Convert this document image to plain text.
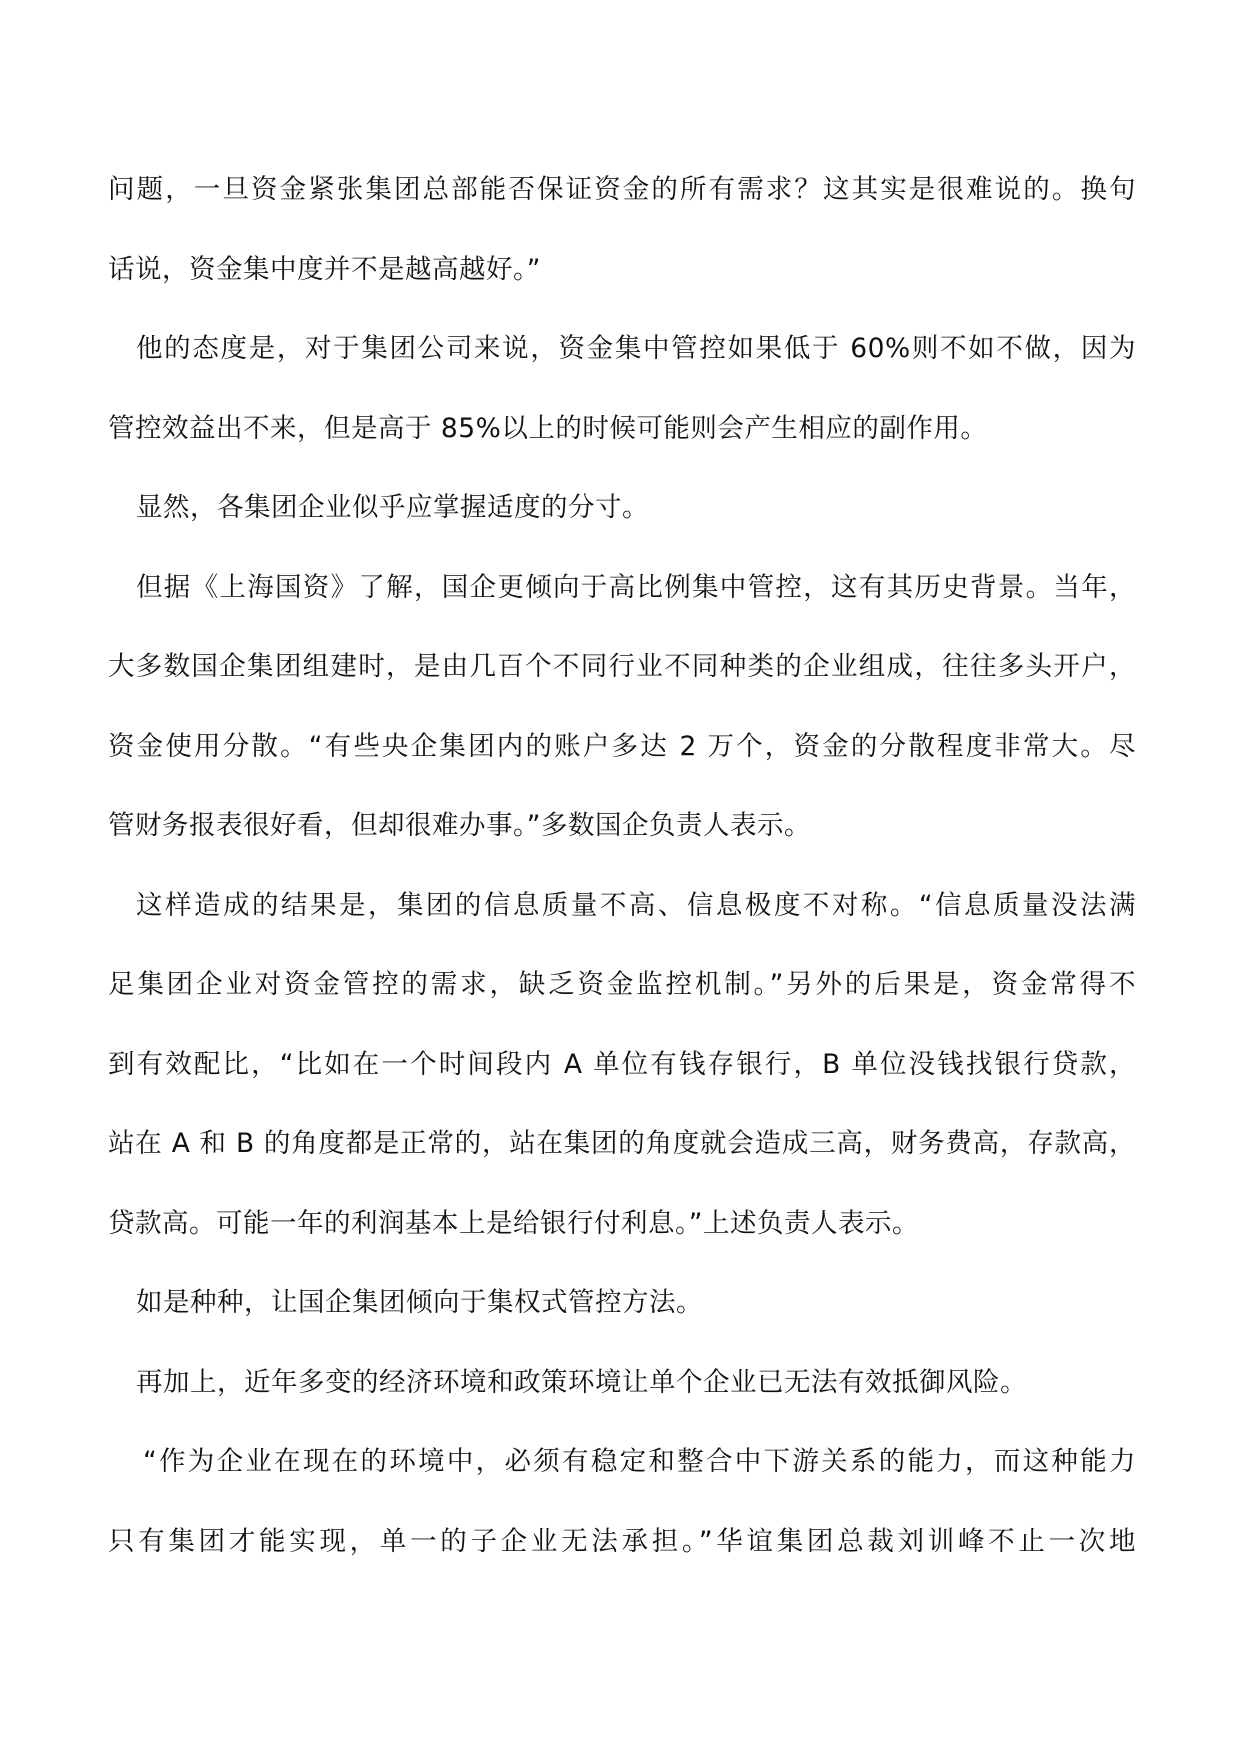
问题，一旦资金紧张集团总部能否保证资金的所有需求？这其实是很难说的。换句
话说，资金集中度并不是越高越好。”
他的态度是，对于集团公司来说，资金集中管控如果低于 60%则不如不做，因为
管控效益出不来，但是高于 85%以上的时候可能则会产生相应的副作用。
显然，各集团企业似乎应掌握适度的分寸。
但据《上海国资》了解，国企更倾向于高比例集中管控，这有其历史背景。当年，
大多数国企集团组建时，是由几百个不同行业不同种类的企业组成，往往多头开户，
资金使用分散。“有些央企集团内的账户多达 2 万个，资金的分散程度非常大。尽
管财务报表很好看，但却很难办事。”多数国企负责人表示。
这样造成的结果是，集团的信息质量不高、信息极度不对称。“信息质量没法满
足集团企业对资金管控的需求，缺乏资金监控机制。”另外的后果是，资金常得不
到有效配比，“比如在一个时间段内 A 单位有钱存银行，B 单位没钱找银行贷款，
站在 A 和 B 的角度都是正常的，站在集团的角度就会造成三高，财务费高，存款高，
贷款高。可能一年的利润基本上是给银行付利息。”上述负责人表示。
如是种种，让国企集团倾向于集权式管控方法。
再加上，近年多变的经济环境和政策环境让单个企业已无法有效抵御风险。
“作为企业在现在的环境中，必须有稳定和整合中下游关系的能力，而这种能力
只有集团才能实现，单一的子企业无法承担。”华谊集团总裁刘训峰不止一次地
